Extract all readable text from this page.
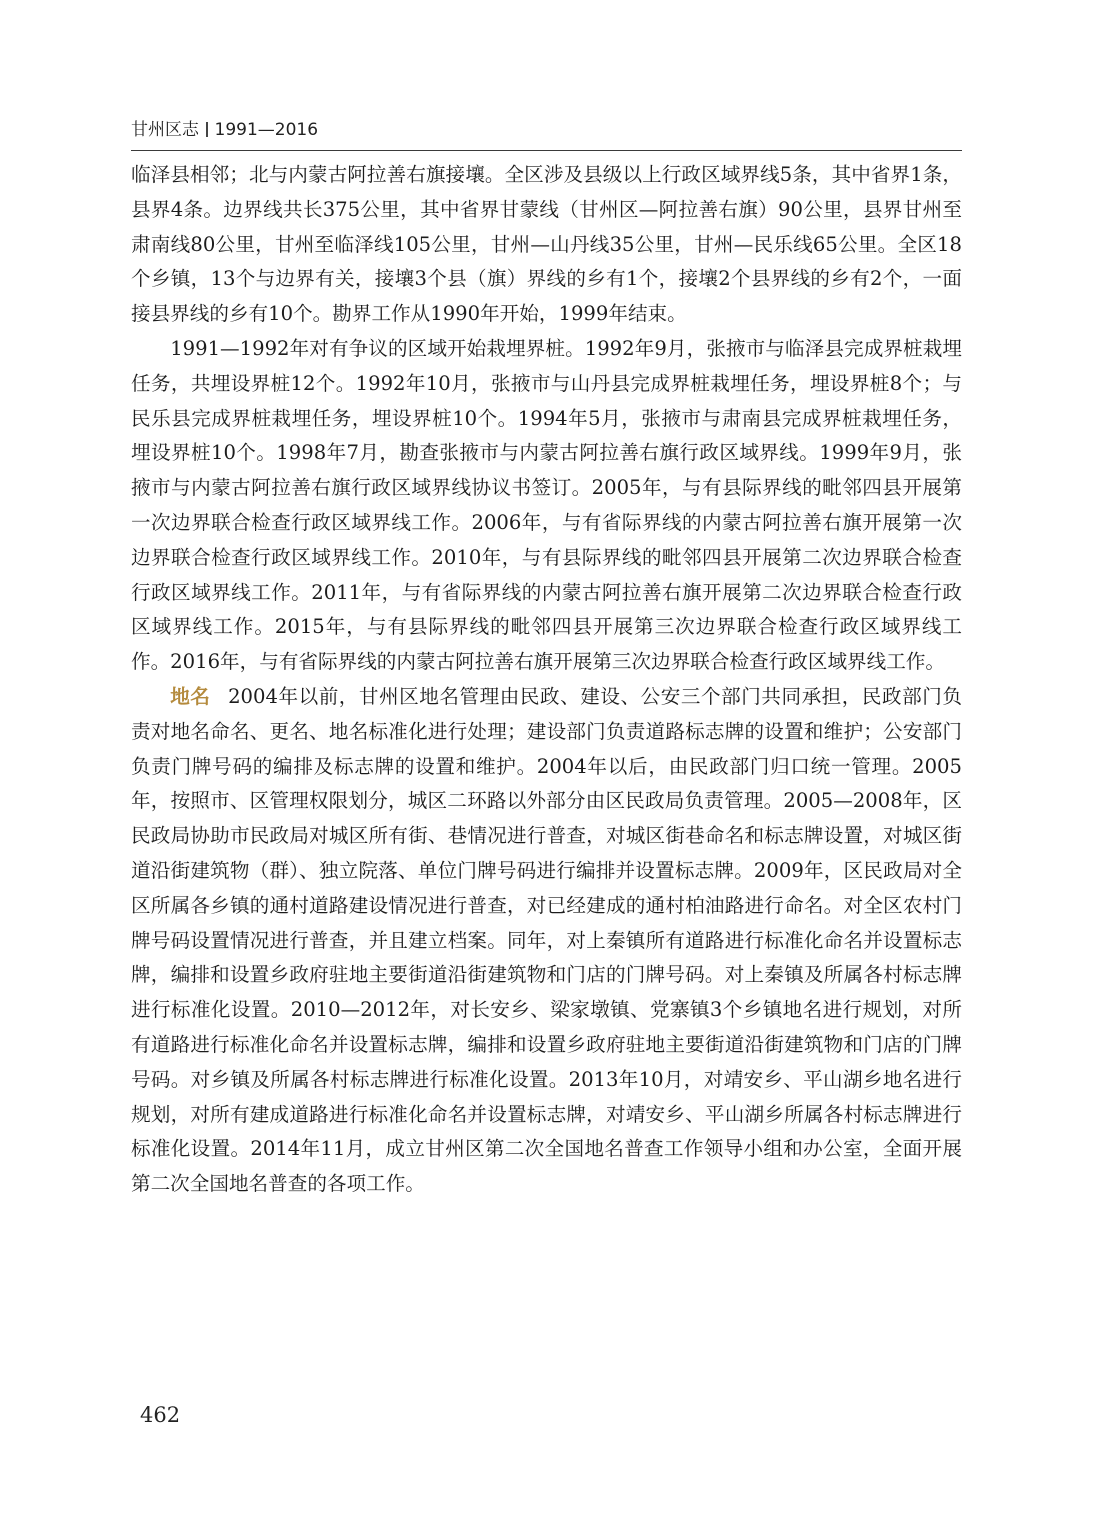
甘州区志 1991—2016

临泽县相邻；北与内蒙古阿拉善右旗接壤。全区涉及县级以上行政区域界线5条，其中省界1条，县界4条。边界线共长375公里，其中省界甘蒙线（甘州区—阿拉善右旗）90公里，县界甘州至肃南线80公里，甘州至临泽线105公里，甘州—山丹线35公里，甘州—民乐线65公里。全区18个乡镇，13个与边界有关，接壤3个县（旗）界线的乡有1个，接壤2个县界线的乡有2个，一面接县界线的乡有10个。勘界工作从1990年开始，1999年结束。

1991—1992年对有争议的区域开始栽埋界桩。1992年9月，张掖市与临泽县完成界桩栽埋任务，共埋设界桩12个。1992年10月，张掖市与山丹县完成界桩栽埋任务，埋设界桩8个；与民乐县完成界桩栽埋任务，埋设界桩10个。1994年5月，张掖市与肃南县完成界桩栽埋任务，埋设界桩10个。1998年7月，勘查张掖市与内蒙古阿拉善右旗行政区域界线。1999年9月，张掖市与内蒙古阿拉善右旗行政区域界线协议书签订。2005年，与有县际界线的毗邻四县开展第一次边界联合检查行政区域界线工作。2006年，与有省际界线的内蒙古阿拉善右旗开展第一次边界联合检查行政区域界线工作。2010年，与有县际界线的毗邻四县开展第二次边界联合检查行政区域界线工作。2011年，与有省际界线的内蒙古阿拉善右旗开展第二次边界联合检查行政区域界线工作。2015年，与有县际界线的毗邻四县开展第三次边界联合检查行政区域界线工作。2016年，与有省际界线的内蒙古阿拉善右旗开展第三次边界联合检查行政区域界线工作。

地名 2004年以前，甘州区地名管理由民政、建设、公安三个部门共同承担，民政部门负责对地名命名、更名、地名标准化进行处理；建设部门负责道路标志牌的设置和维护；公安部门负责门牌号码的编排及标志牌的设置和维护。2004年以后，由民政部门归口统一管理。2005年，按照市、区管理权限划分，城区二环路以外部分由区民政局负责管理。2005—2008年，区民政局协助市民政局对城区所有街、巷情况进行普查，对城区街巷命名和标志牌设置，对城区街道沿街建筑物（群）、独立院落、单位门牌号码进行编排并设置标志牌。2009年，区民政局对全区所属各乡镇的通村道路建设情况进行普查，对已经建成的通村柏油路进行命名。对全区农村门牌号码设置情况进行普查，并且建立档案。同年，对上秦镇所有道路进行标准化命名并设置标志牌，编排和设置乡政府驻地主要街道沿街建筑物和门店的门牌号码。对上秦镇及所属各村标志牌进行标准化设置。2010—2012年，对长安乡、梁家墩镇、党寨镇3个乡镇地名进行规划，对所有道路进行标准化命名并设置标志牌，编排和设置乡政府驻地主要街道沿街建筑物和门店的门牌号码。对乡镇及所属各村标志牌进行标准化设置。2013年10月，对靖安乡、平山湖乡地名进行规划，对所有建成道路进行标准化命名并设置标志牌，对靖安乡、平山湖乡所属各村标志牌进行标准化设置。2014年11月，成立甘州区第二次全国地名普查工作领导小组和办公室，全面开展第二次全国地名普查的各项工作。

462
